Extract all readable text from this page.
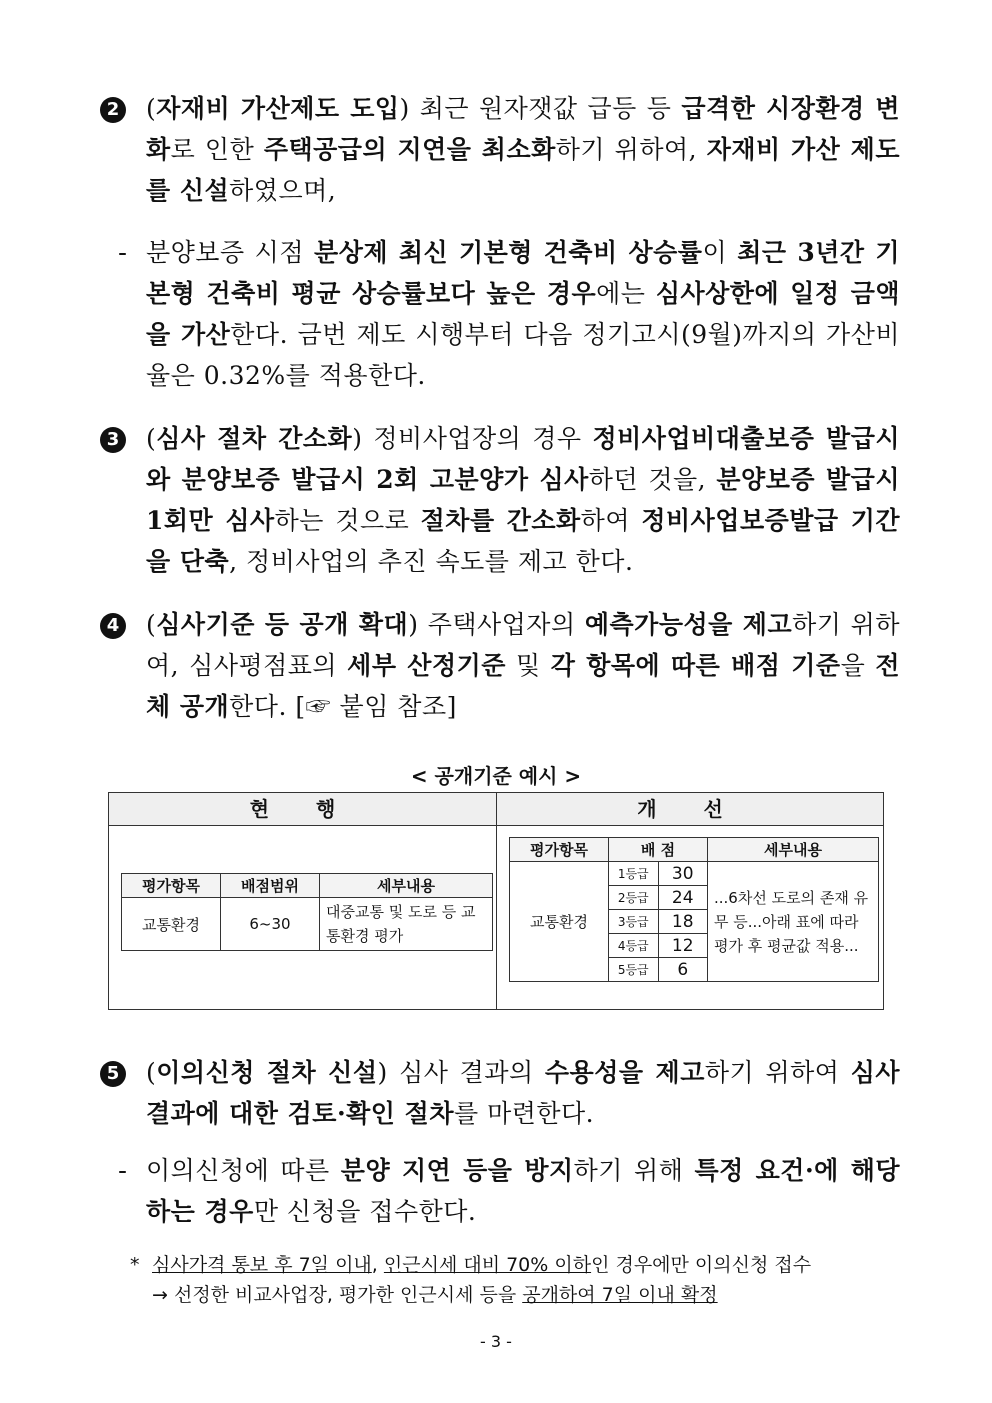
2	(자재비 가산제도 도입) 최근 원자잿값 급등 등 급격한 시장환경 변화로 인한 주택공급의 지연을 최소화하기 위하여, 자재비 가산 제도를 신설하였으며,
- 분양보증 시점 분상제 최신 기본형 건축비 상승률이 최근 3년간 기본형 건축비 평균 상승률보다 높은 경우에는 심사상한에 일정 금액을 가산한다. 금번 제도 시행부터 다음 정기고시(9월)까지의 가산비율은 0.32%를 적용한다.
3	(심사 절차 간소화) 정비사업장의 경우 정비사업비대출보증 발급시와 분양보증 발급시 2회 고분양가 심사하던 것을, 분양보증 발급시 1회만 심사하는 것으로 절차를 간소화하여 정비사업보증발급 기간을 단축, 정비사업의 추진 속도를 제고 한다.
4	(심사기준 등 공개 확대) 주택사업자의 예측가능성을 제고하기 위하여, 심사평점표의 세부 산정기준 및 각 항목에 따른 배점 기준을 전체 공개한다. [☞ 붙임 참조]
< 공개기준 예시 >
현 행	개 선
평가항목	배점범위	세부내용
교통환경	6~30	대중교통 및 도로 등 교통환경 평가
평가항목	배 점		세부내용
교통환경	1등급	30	...6차선 도로의 존재 유무 등...아래 표에 따라 평가 후 평균값 적용...
	2등급	24	
	3등급	18	
	4등급	12	
	5등급	6	
5	(이의신청 절차 신설) 심사 결과의 수용성을 제고하기 위하여 심사 결과에 대한 검토·확인 절차를 마련한다.
- 이의신청에 따른 분양 지연 등을 방지하기 위해 특정 요건·에 해당하는 경우만 신청을 접수한다.
* 심사가격 통보 후 7일 이내, 인근시세 대비 70% 이하인 경우에만 이의신청 접수
→ 선정한 비교사업장, 평가한 인근시세 등을 공개하여 7일 이내 확정
- 3 -
